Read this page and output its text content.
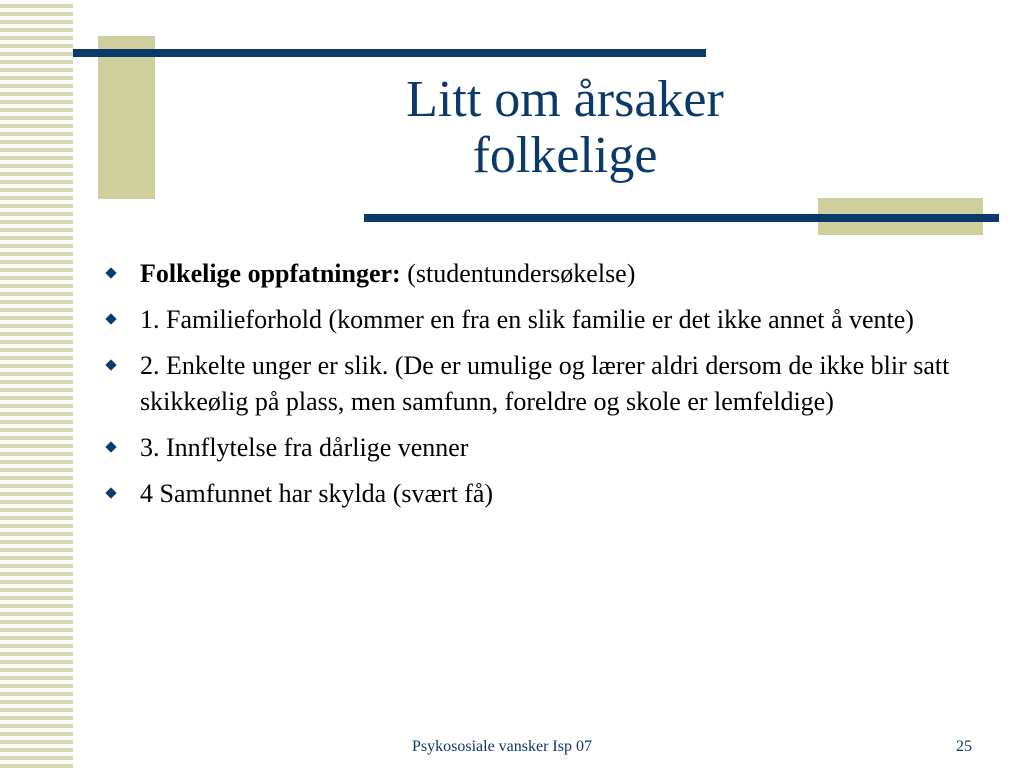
Litt om årsaker
folkelige
Folkelige oppfatninger: (studentundersøkelse)
1. Familieforhold (kommer en fra en slik familie er det ikke annet å vente)
2. Enkelte unger er slik. (De er umulige og lærer aldri dersom de ikke blir satt skikkeølig på plass, men samfunn, foreldre og skole er lemfeldige)
3. Innflytelse fra dårlige venner
4 Samfunnet har skylda (svært få)
Psykososiale vansker Isp 07	25
